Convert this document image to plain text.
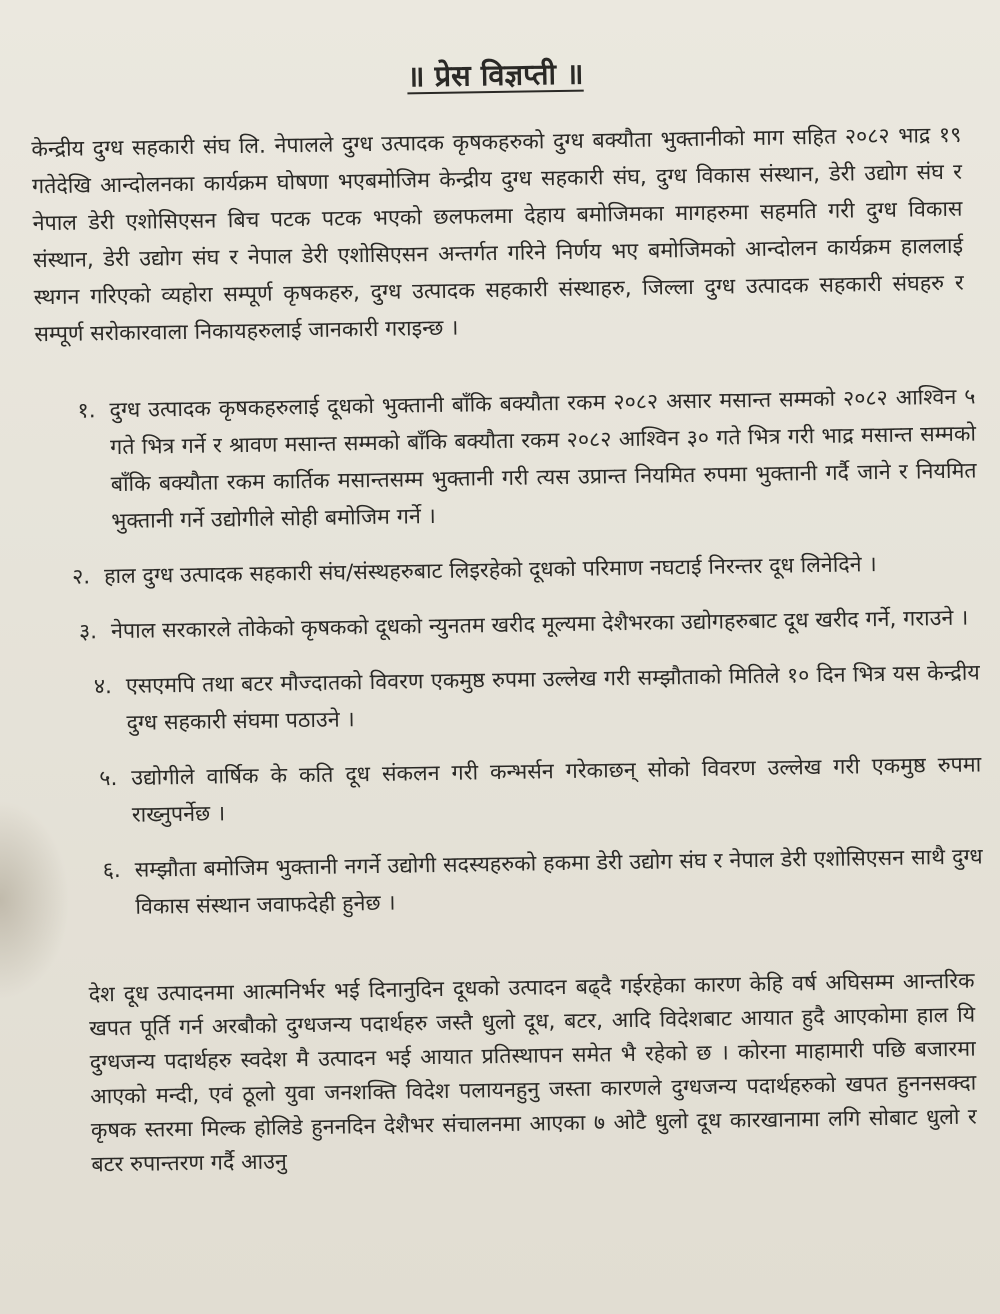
॥ प्रेस विज्ञप्ती ॥

केन्द्रीय दुग्ध सहकारी संघ लि. नेपालले दुग्ध उत्पादक कृषकहरुको दुग्ध बक्यौता भुक्तानीको माग सहित २०८२ भाद्र १९ गतेदेखि आन्दोलनका कार्यक्रम घोषणा भएबमोजिम केन्द्रीय दुग्ध सहकारी संघ, दुग्ध विकास संस्थान, डेरी उद्योग संघ र नेपाल डेरी एशोसिएसन बिच पटक पटक भएको छलफलमा देहाय बमोजिमका मागहरुमा सहमति गरी दुग्ध विकास संस्थान, डेरी उद्योग संघ र नेपाल डेरी एशोसिएसन अन्तर्गत गरिने निर्णय भए बमोजिमको आन्दोलन कार्यक्रम हाललाई स्थगन गरिएको व्यहोरा सम्पूर्ण कृषकहरु, दुग्ध उत्पादक सहकारी संस्थाहरु, जिल्ला दुग्ध उत्पादक सहकारी संघहरु र सम्पूर्ण सरोकारवाला निकायहरुलाई जानकारी गराइन्छ ।

१. दुग्ध उत्पादक कृषकहरुलाई दूधको भुक्तानी बाँकि बक्यौता रकम २०८२ असार मसान्त सम्मको २०८२ आश्विन ५ गते भित्र गर्ने र श्रावण मसान्त सम्मको बाँकि बक्यौता रकम २०८२ आश्विन ३० गते भित्र गरी भाद्र मसान्त सम्मको बाँकि बक्यौता रकम कार्तिक मसान्तसम्म भुक्तानी गरी त्यस उप्रान्त नियमित रुपमा भुक्तानी गर्दै जाने र नियमित भुक्तानी गर्ने उद्योगीले सोही बमोजिम गर्ने ।
२. हाल दुग्ध उत्पादक सहकारी संघ/संस्थहरुबाट लिइरहेको दूधको परिमाण नघटाई निरन्तर दूध लिनेदिने ।
३. नेपाल सरकारले तोकेको कृषकको दूधको न्युनतम खरीद मूल्यमा देशैभरका उद्योगहरुबाट दूध खरीद गर्ने, गराउने ।
४. एसएमपि तथा बटर मौज्दातको विवरण एकमुष्ठ रुपमा उल्लेख गरी सम्झौताको मितिले १० दिन भित्र यस केन्द्रीय दुग्ध सहकारी संघमा पठाउने ।
५. उद्योगीले वार्षिक के कति दूध संकलन गरी कन्भर्सन गरेकाछन् सोको विवरण उल्लेख गरी एकमुष्ठ रुपमा राख्नुपर्नेछ ।
६. सम्झौता बमोजिम भुक्तानी नगर्ने उद्योगी सदस्यहरुको हकमा डेरी उद्योग संघ र नेपाल डेरी एशोसिएसन साथै दुग्ध विकास संस्थान जवाफदेही हुनेछ ।

देश दूध उत्पादनमा आत्मनिर्भर भई दिनानुदिन दूधको उत्पादन बढ्दै गईरहेका कारण केहि वर्ष अघिसम्म आन्तरिक खपत पूर्ति गर्न अरबौको दुग्धजन्य पदार्थहरु जस्तै धुलो दूध, बटर, आदि विदेशबाट आयात हुदै आएकोमा हाल यि दुग्धजन्य पदार्थहरु स्वदेश मै उत्पादन भई आयात प्रतिस्थापन समेत भै रहेको छ । कोरना माहामारी पछि बजारमा आएको मन्दी, एवं ठूलो युवा जनशक्ति विदेश पलायनहुनु जस्ता कारणले दुग्धजन्य पदार्थहरुको खपत हुननसक्दा कृषक स्तरमा मिल्क होलिडे हुननदिन देशैभर संचालनमा आएका ७ ओटै धुलो दूध कारखानामा लगि सोबाट धुलो र बटर रुपान्तरण गर्दै आउनु
